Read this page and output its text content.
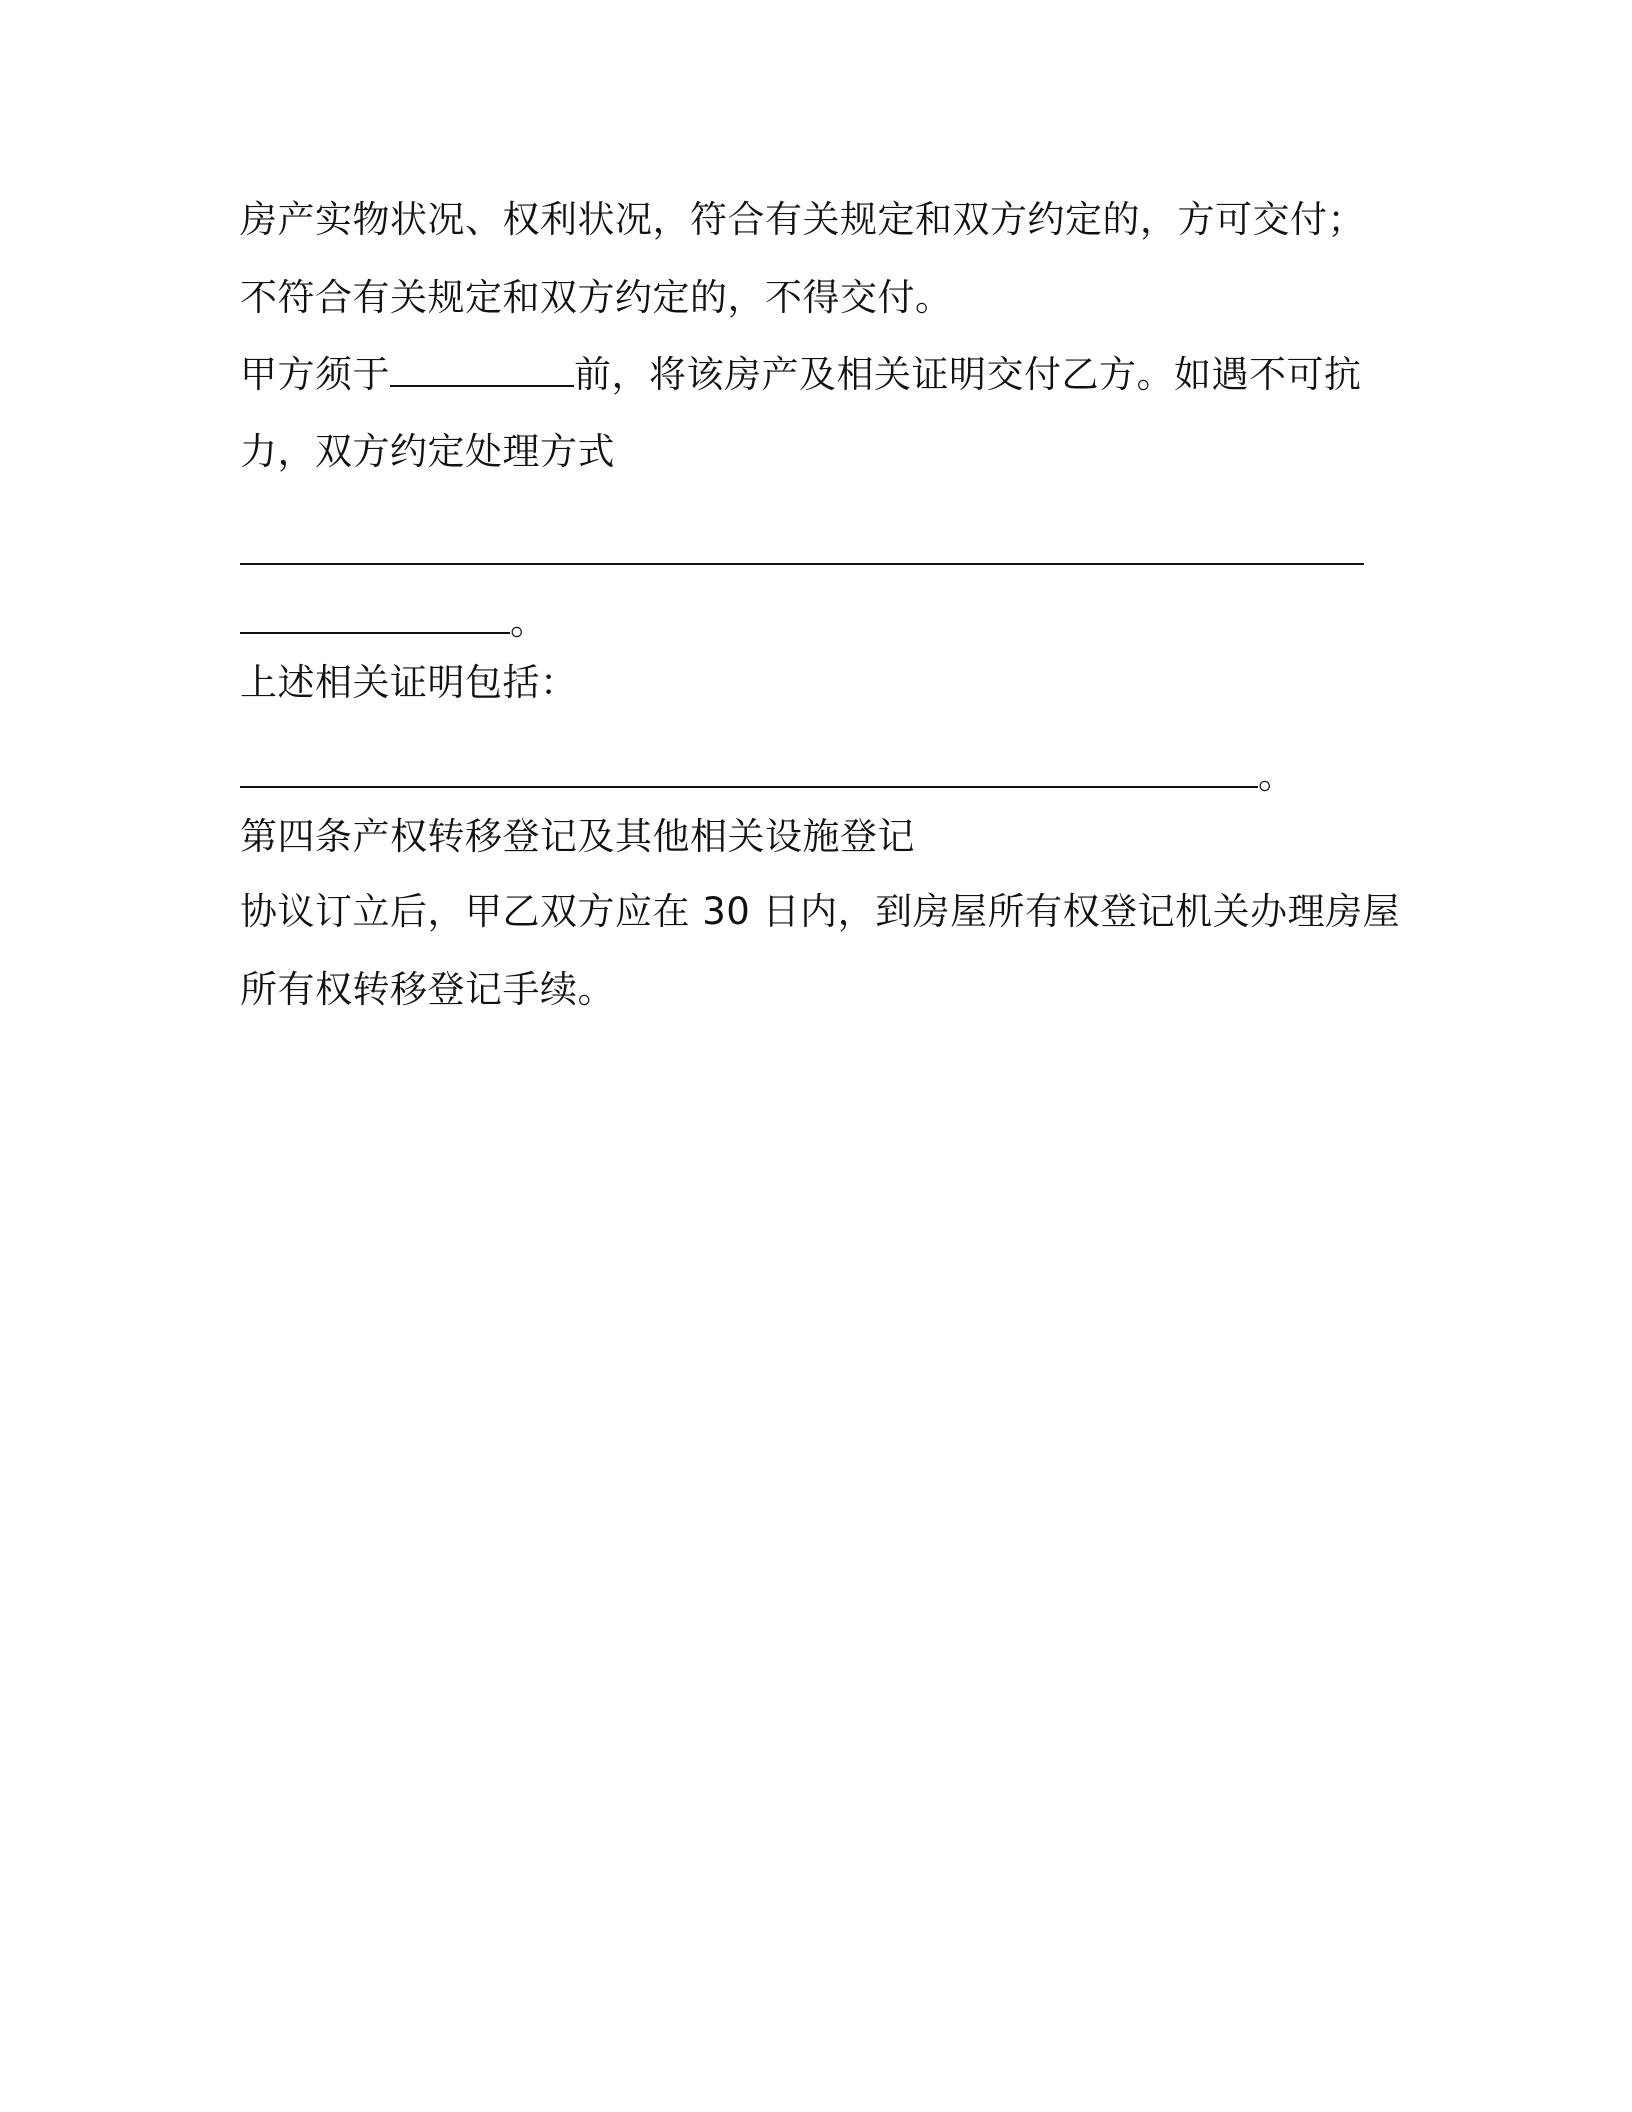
房产实物状况、权利状况，符合有关规定和双方约定的，方可交付；
不符合有关规定和双方约定的，不得交付。
甲方须于	前，将该房产及相关证明交付乙方。如遇不可抗
力，双方约定处理方式
。
上述相关证明包括：
。
第四条产权转移登记及其他相关设施登记
协议订立后，甲乙双方应在 30 日内，到房屋所有权登记机关办理房屋
所有权转移登记手续。
